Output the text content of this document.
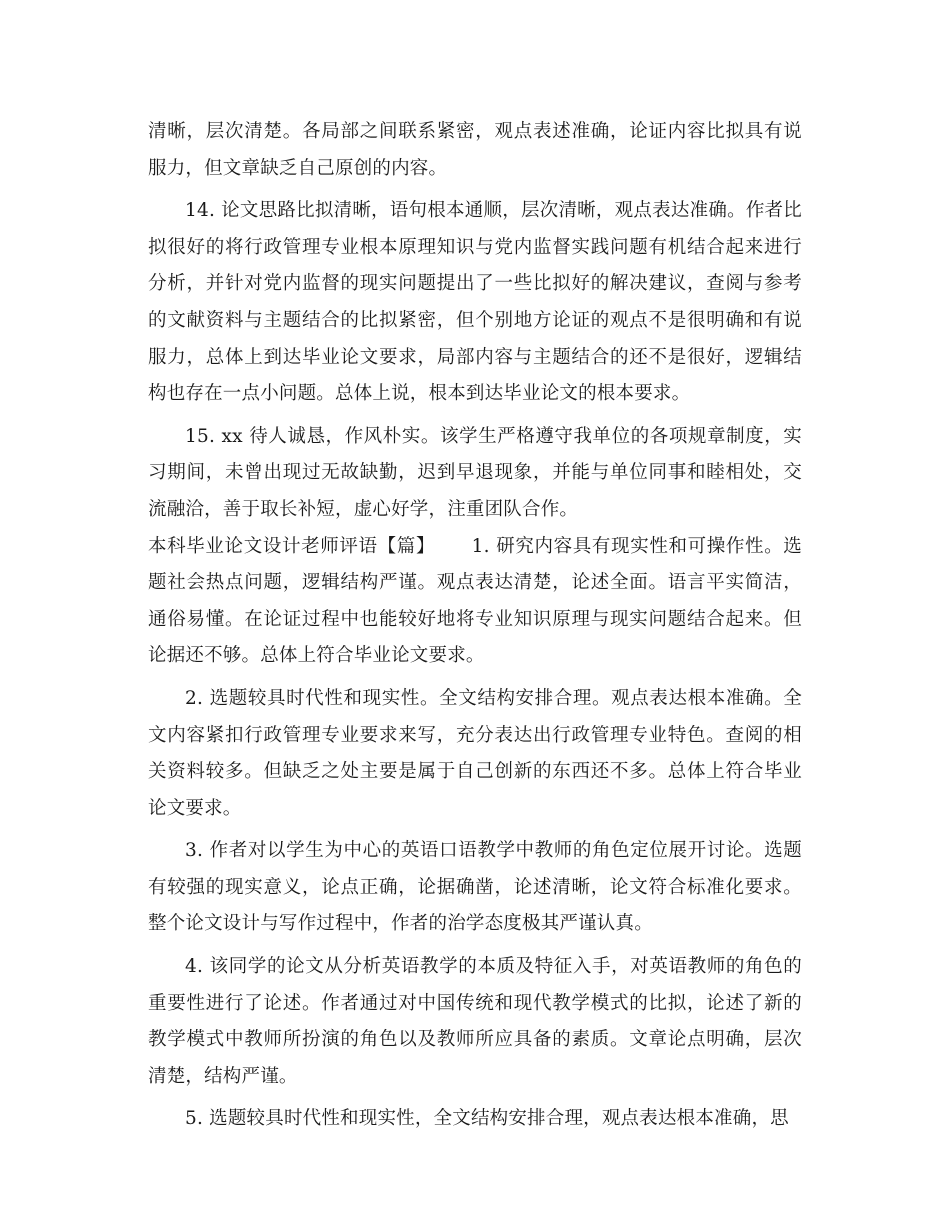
清晰，层次清楚。各局部之间联系紧密，观点表述准确，论证内容比拟具有说服力，但文章缺乏自己原创的内容。

14. 论文思路比拟清晰，语句根本通顺，层次清晰，观点表达准确。作者比拟很好的将行政管理专业根本原理知识与党内监督实践问题有机结合起来进行分析，并针对党内监督的现实问题提出了一些比拟好的解决建议，查阅与参考的文献资料与主题结合的比拟紧密，但个别地方论证的观点不是很明确和有说服力，总体上到达毕业论文要求，局部内容与主题结合的还不是很好，逻辑结构也存在一点小问题。总体上说，根本到达毕业论文的根本要求。

15. xx 待人诚恳，作风朴实。该学生严格遵守我单位的各项规章制度，实习期间，未曾出现过无故缺勤，迟到早退现象，并能与单位同事和睦相处，交流融洽，善于取长补短，虚心好学，注重团队合作。

本科毕业论文设计老师评语【篇】 1. 研究内容具有现实性和可操作性。选题社会热点问题，逻辑结构严谨。观点表达清楚，论述全面。语言平实简洁，通俗易懂。在论证过程中也能较好地将专业知识原理与现实问题结合起来。但论据还不够。总体上符合毕业论文要求。

2. 选题较具时代性和现实性。全文结构安排合理。观点表达根本准确。全文内容紧扣行政管理专业要求来写，充分表达出行政管理专业特色。查阅的相关资料较多。但缺乏之处主要是属于自己创新的东西还不多。总体上符合毕业论文要求。

3. 作者对以学生为中心的英语口语教学中教师的角色定位展开讨论。选题有较强的现实意义，论点正确，论据确凿，论述清晰，论文符合标准化要求。整个论文设计与写作过程中，作者的治学态度极其严谨认真。

4. 该同学的论文从分析英语教学的本质及特征入手，对英语教师的角色的重要性进行了论述。作者通过对中国传统和现代教学模式的比拟，论述了新的教学模式中教师所扮演的角色以及教师所应具备的素质。文章论点明确，层次清楚，结构严谨。

5. 选题较具时代性和现实性，全文结构安排合理，观点表达根本准确，思
